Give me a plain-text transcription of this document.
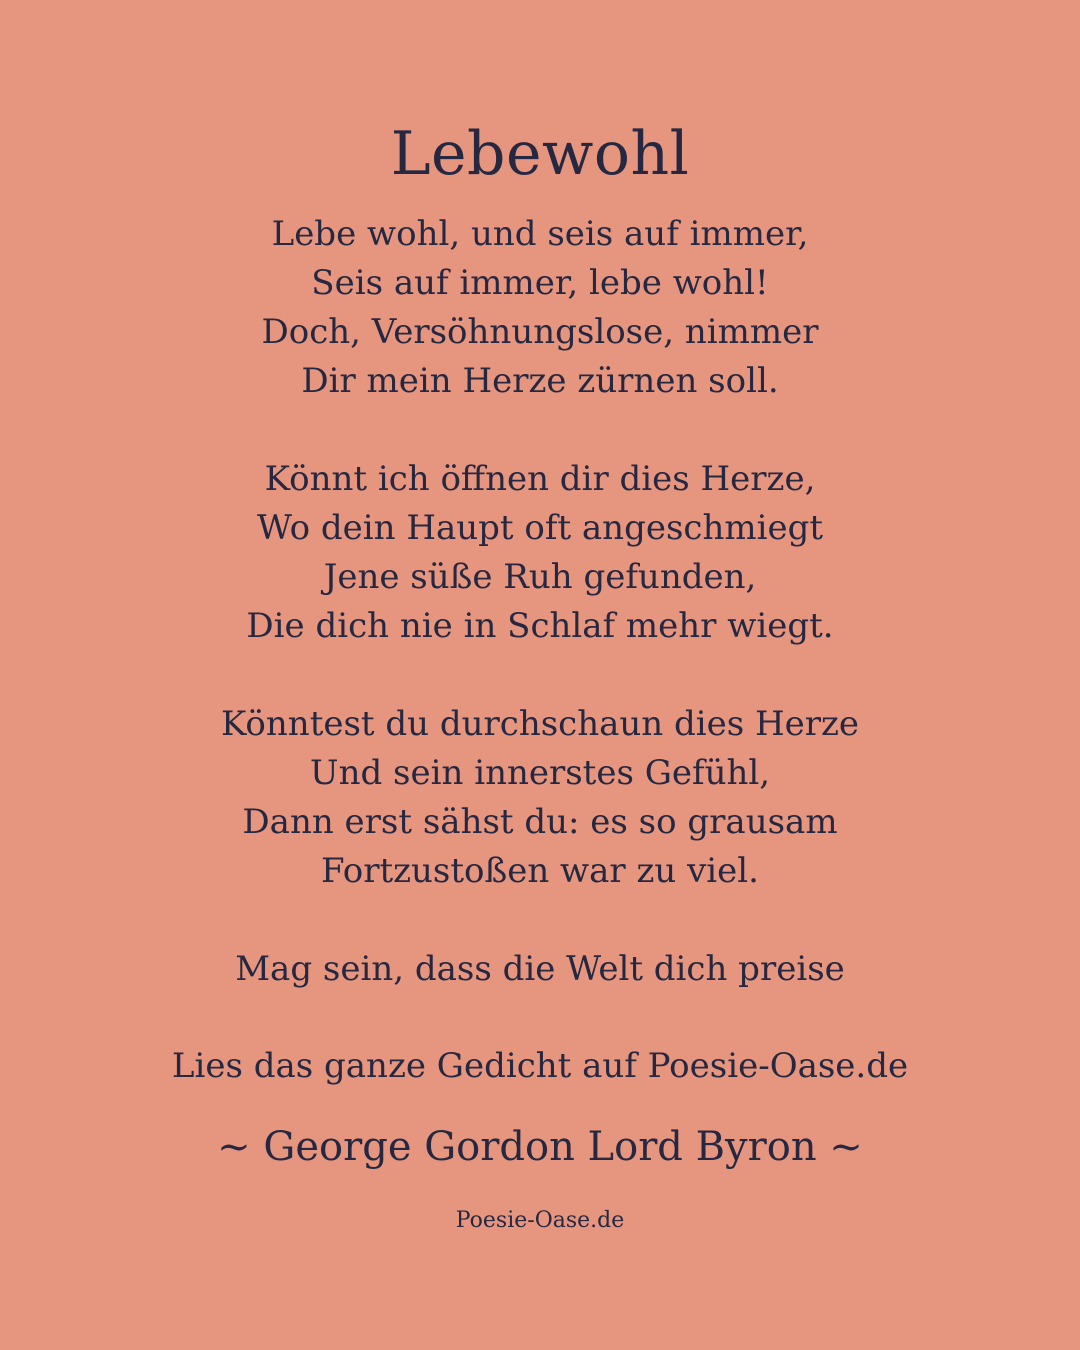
Lebewohl
Lebe wohl, und seis auf immer,
Seis auf immer, lebe wohl!
Doch, Versöhnungslose, nimmer
Dir mein Herze zürnen soll.
Könnt ich öffnen dir dies Herze,
Wo dein Haupt oft angeschmiegt
Jene süße Ruh gefunden,
Die dich nie in Schlaf mehr wiegt.
Könntest du durchschaun dies Herze
Und sein innerstes Gefühl,
Dann erst sähst du: es so grausam
Fortzustoßen war zu viel.
Mag sein, dass die Welt dich preise
Lies das ganze Gedicht auf Poesie-Oase.de
~ George Gordon Lord Byron ~
Poesie-Oase.de
